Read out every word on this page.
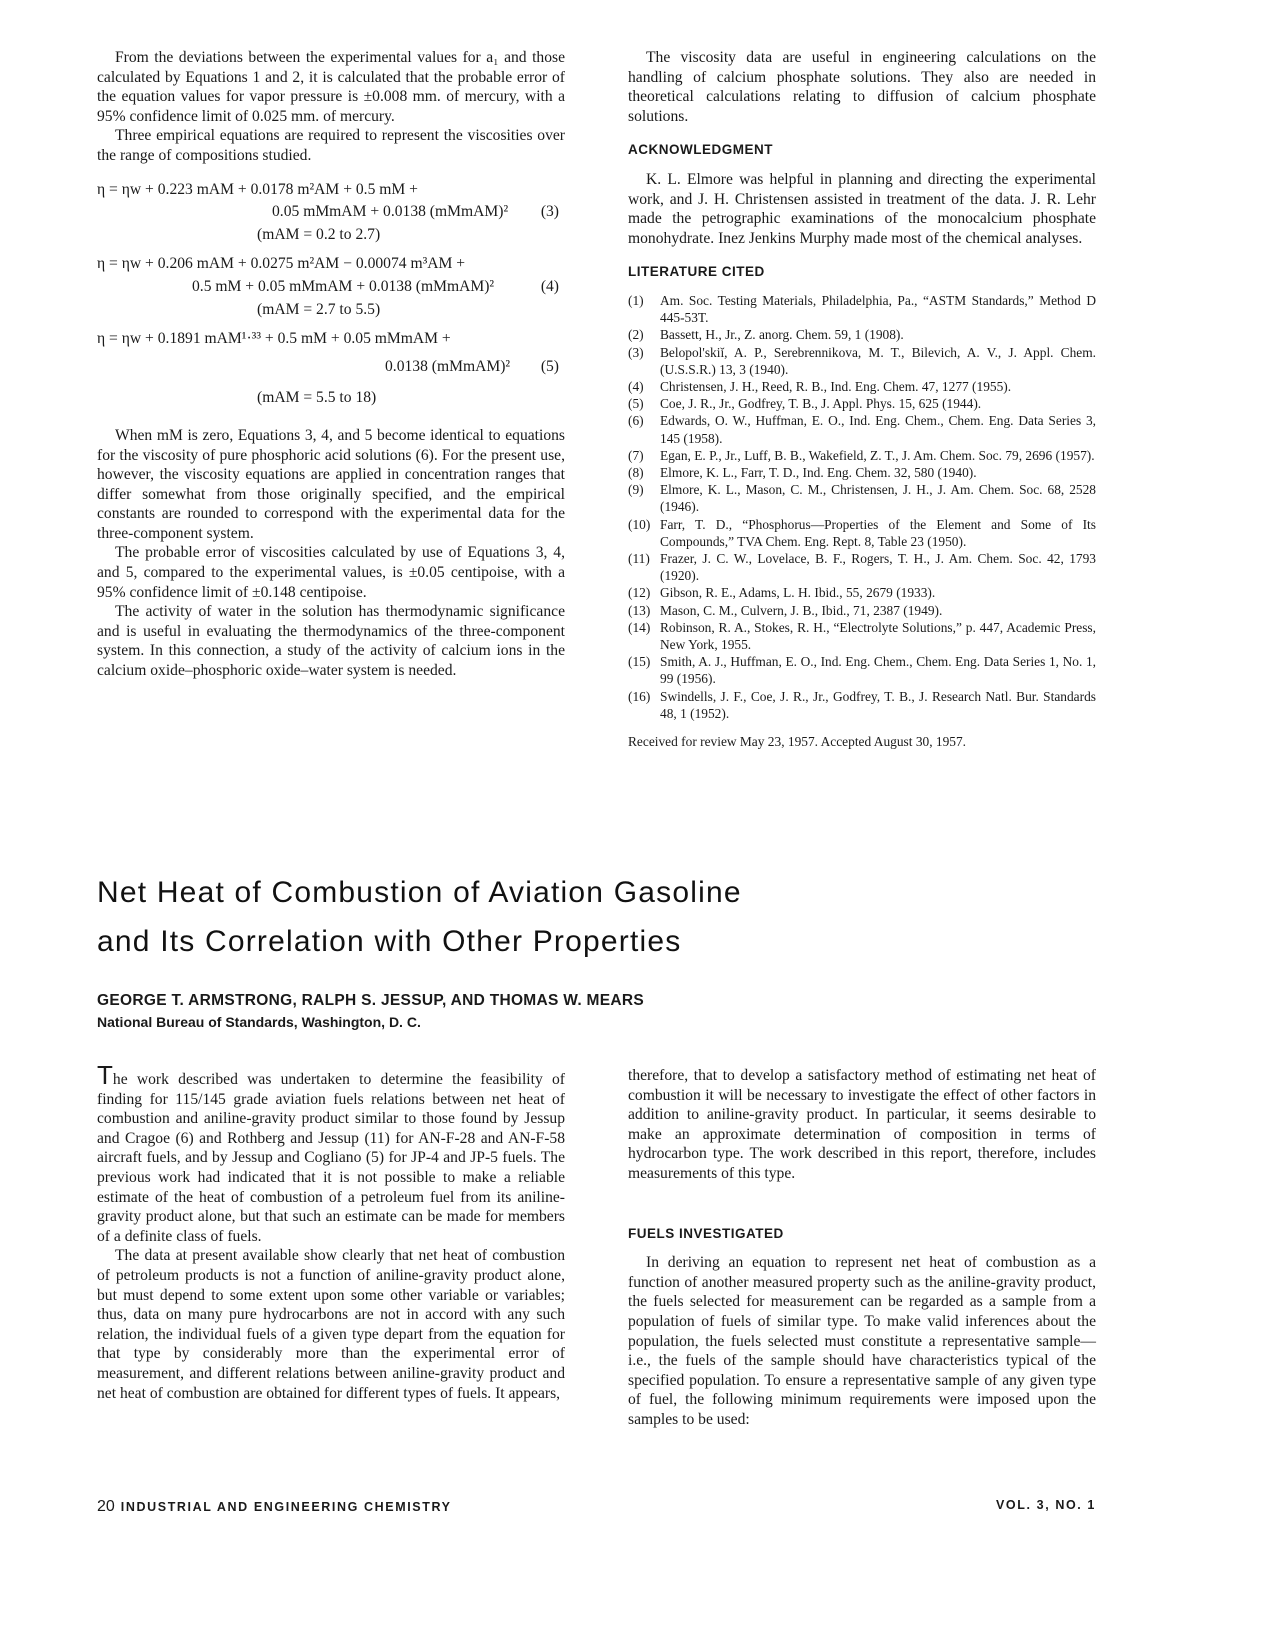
From the deviations between the experimental values for a₁ and those calculated by Equations 1 and 2, it is calculated that the probable error of the equation values for vapor pressure is ±0.008 mm. of mercury, with a 95% confidence limit of 0.025 mm. of mercury.

Three empirical equations are required to represent the viscosities over the range of compositions studied.

η = ηw + 0.223 mAM + 0.0178 m²AM + 0.5 mM +
0.05 mMmAM + 0.0138 (mMmAM)² (3)
(mAM = 0.2 to 2.7)
η = ηw + 0.206 mAM + 0.0275 m²AM − 0.00074 m³AM +
0.5 mM + 0.05 mMmAM + 0.0138 (mMmAM)²	(4)
(mAM = 2.7 to 5.5)
η = ηw + 0.1891 mAM¹·³³ + 0.5 mM + 0.05 mMmAM +
0.0138 (mMmAM)² (5)
(mAM = 5.5 to 18)

When mM is zero, Equations 3, 4, and 5 become identical to equations for the viscosity of pure phosphoric acid solutions (6). For the present use, however, the viscosity equations are applied in concentration ranges that differ somewhat from those originally specified, and the empirical constants are rounded to correspond with the experimental data for the three-component system.

The probable error of viscosities calculated by use of Equations 3, 4, and 5, compared to the experimental values, is ±0.05 centipoise, with a 95% confidence limit of ±0.148 centipoise.

The activity of water in the solution has thermodynamic significance and is useful in evaluating the thermodynamics of the three-component system. In this connection, a study of the activity of calcium ions in the calcium oxide–phosphoric oxide–water system is needed.

The viscosity data are useful in engineering calculations on the handling of calcium phosphate solutions. They also are needed in theoretical calculations relating to diffusion of calcium phosphate solutions.

ACKNOWLEDGMENT

K. L. Elmore was helpful in planning and directing the experimental work, and J. H. Christensen assisted in treatment of the data. J. R. Lehr made the petrographic examinations of the monocalcium phosphate monohydrate. Inez Jenkins Murphy made most of the chemical analyses.

LITERATURE CITED
(1)	Am. Soc. Testing Materials, Philadelphia, Pa., “ASTM Standards,” Method D 445-53T.
(2)	Bassett, H., Jr., Z. anorg. Chem. 59, 1 (1908).
(3)	Belopol'skiĭ, A. P., Serebrennikova, M. T., Bilevich, A. V., J. Appl. Chem. (U.S.S.R.) 13, 3 (1940).
(4)	Christensen, J. H., Reed, R. B., Ind. Eng. Chem. 47, 1277 (1955).
(5)	Coe, J. R., Jr., Godfrey, T. B., J. Appl. Phys. 15, 625 (1944).
(6)	Edwards, O. W., Huffman, E. O., Ind. Eng. Chem., Chem. Eng. Data Series 3, 145 (1958).
(7)	Egan, E. P., Jr., Luff, B. B., Wakefield, Z. T., J. Am. Chem. Soc. 79, 2696 (1957).
(8)	Elmore, K. L., Farr, T. D., Ind. Eng. Chem. 32, 580 (1940).
(9)	Elmore, K. L., Mason, C. M., Christensen, J. H., J. Am. Chem. Soc. 68, 2528 (1946).
(10) Farr, T. D., “Phosphorus—Properties of the Element and Some of Its Compounds,” TVA Chem. Eng. Rept. 8, Table 23 (1950).
(11) Frazer, J. C. W., Lovelace, B. F., Rogers, T. H., J. Am. Chem. Soc. 42, 1793 (1920).
(12) Gibson, R. E., Adams, L. H. Ibid., 55, 2679 (1933).
(13) Mason, C. M., Culvern, J. B., Ibid., 71, 2387 (1949).
(14) Robinson, R. A., Stokes, R. H., “Electrolyte Solutions,” p. 447, Academic Press, New York, 1955.
(15) Smith, A. J., Huffman, E. O., Ind. Eng. Chem., Chem. Eng. Data Series 1, No. 1, 99 (1956).
(16) Swindells, J. F., Coe, J. R., Jr., Godfrey, T. B., J. Research Natl. Bur. Standards 48, 1 (1952).
Received for review May 23, 1957. Accepted August 30, 1957.
Net Heat of Combustion of Aviation Gasoline
and Its Correlation with Other Properties
GEORGE T. ARMSTRONG, RALPH S. JESSUP, AND THOMAS W. MEARS
National Bureau of Standards, Washington, D. C.

The work described was undertaken to determine the feasibility of finding for 115/145 grade aviation fuels relations between net heat of combustion and aniline-gravity product similar to those found by Jessup and Cragoe (6) and Rothberg and Jessup (11) for AN-F-28 and AN-F-58 aircraft fuels, and by Jessup and Cogliano (5) for JP-4 and JP-5 fuels. The previous work had indicated that it is not possible to make a reliable estimate of the heat of combustion of a petroleum fuel from its aniline-gravity product alone, but that such an estimate can be made for members of a definite class of fuels.

The data at present available show clearly that net heat of combustion of petroleum products is not a function of aniline-gravity product alone, but must depend to some extent upon some other variable or variables; thus, data on many pure hydrocarbons are not in accord with any such relation, the individual fuels of a given type depart from the equation for that type by considerably more than the experimental error of measurement, and different relations between aniline-gravity product and net heat of combustion are obtained for different types of fuels. It appears,

therefore, that to develop a satisfactory method of estimating net heat of combustion it will be necessary to investigate the effect of other factors in addition to aniline-gravity product. In particular, it seems desirable to make an approximate determination of composition in terms of hydrocarbon type. The work described in this report, therefore, includes measurements of this type.

FUELS INVESTIGATED

In deriving an equation to represent net heat of combustion as a function of another measured property such as the aniline-gravity product, the fuels selected for measurement can be regarded as a sample from a population of fuels of similar type. To make valid inferences about the population, the fuels selected must constitute a representative sample—i.e., the fuels of the sample should have characteristics typical of the specified population. To ensure a representative sample of any given type of fuel, the following minimum requirements were imposed upon the samples to be used:

20 INDUSTRIAL AND ENGINEERING CHEMISTRY	VOL. 3, NO. 1
